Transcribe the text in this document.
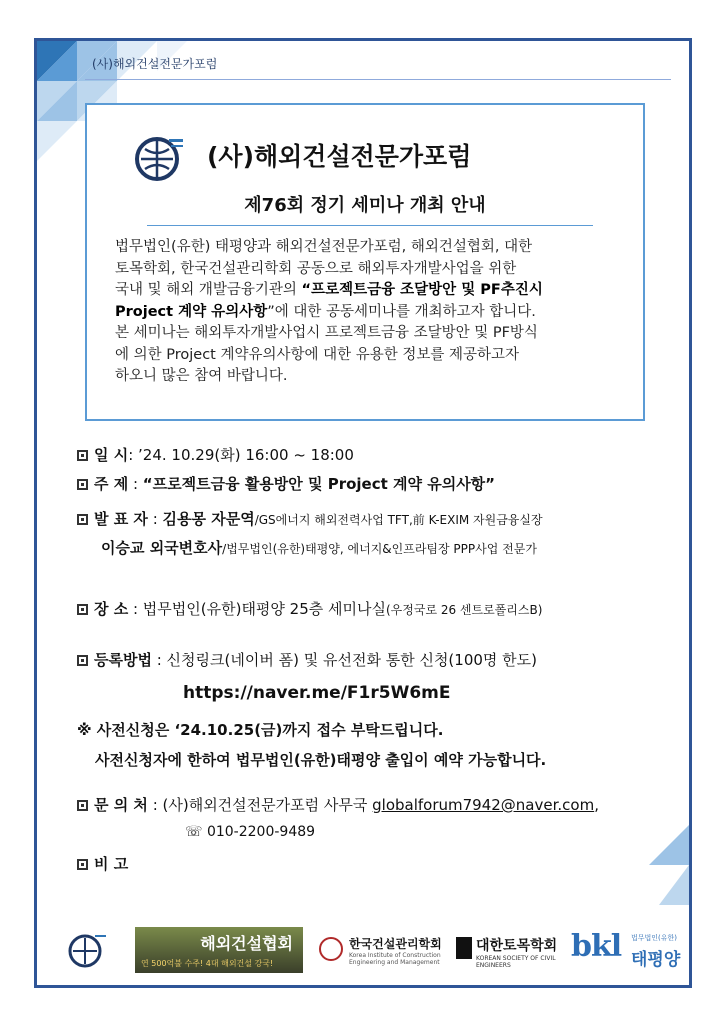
(사)해외건설전문가포럼
(사)해외건설전문가포럼
제76회 정기 세미나 개최 안내
법무법인(유한) 태평양과 해외건설전문가포럼, 해외건설협회, 대한
토목학회, 한국건설관리학회 공동으로 해외투자개발사업을 위한
국내 및 해외 개발금융기관의 “프로젝트금융 조달방안 및 PF추진시
Project 계약 유의사항”에 대한 공동세미나를 개최하고자 합니다.
본 세미나는 해외투자개발사업시 프로젝트금융 조달방안 및 PF방식
에 의한 Project 계약유의사항에 대한 유용한 정보를 제공하고자
하오니 많은 참여 바랍니다.
일 시: ’24. 10.29(화) 16:00 ~ 18:00
주 제 : “프로젝트금융 활용방안 및 Project 계약 유의사항”
발 표 자 : 김용몽 자문역/GS에너지 해외전력사업 TFT,前 K-EXIM 자원금융실장
이승교 외국변호사/법무법인(유한)태평양, 에너지&인프라팀장 PPP사업 전문가
장 소 : 법무법인(유한)태평양 25층 세미나실(우정국로 26 센트로폴리스B)
등록방법 : 신청링크(네이버 폼) 및 유선전화 통한 신청(100명 한도)
https://naver.me/F1r5W6mE
※ 사전신청은 ‘24.10.25(금)까지 접수 부탁드립니다.
사전신청자에 한하여 법무법인(유한)태평양 출입이 예약 가능합니다.
문 의 처 : (사)해외건설전문가포럼 사무국 globalforum7942@naver.com,
☏ 010-2200-9489
비 고
해외건설협회
연 500억불 수주! 4대 해외건설 강국!
한국건설관리학회
Korea Institute of Construction Engineering and Management
대한토목학회
KOREAN SOCIETY OF CIVIL ENGINEERS
bkl 법무법인(유한)
태평양
